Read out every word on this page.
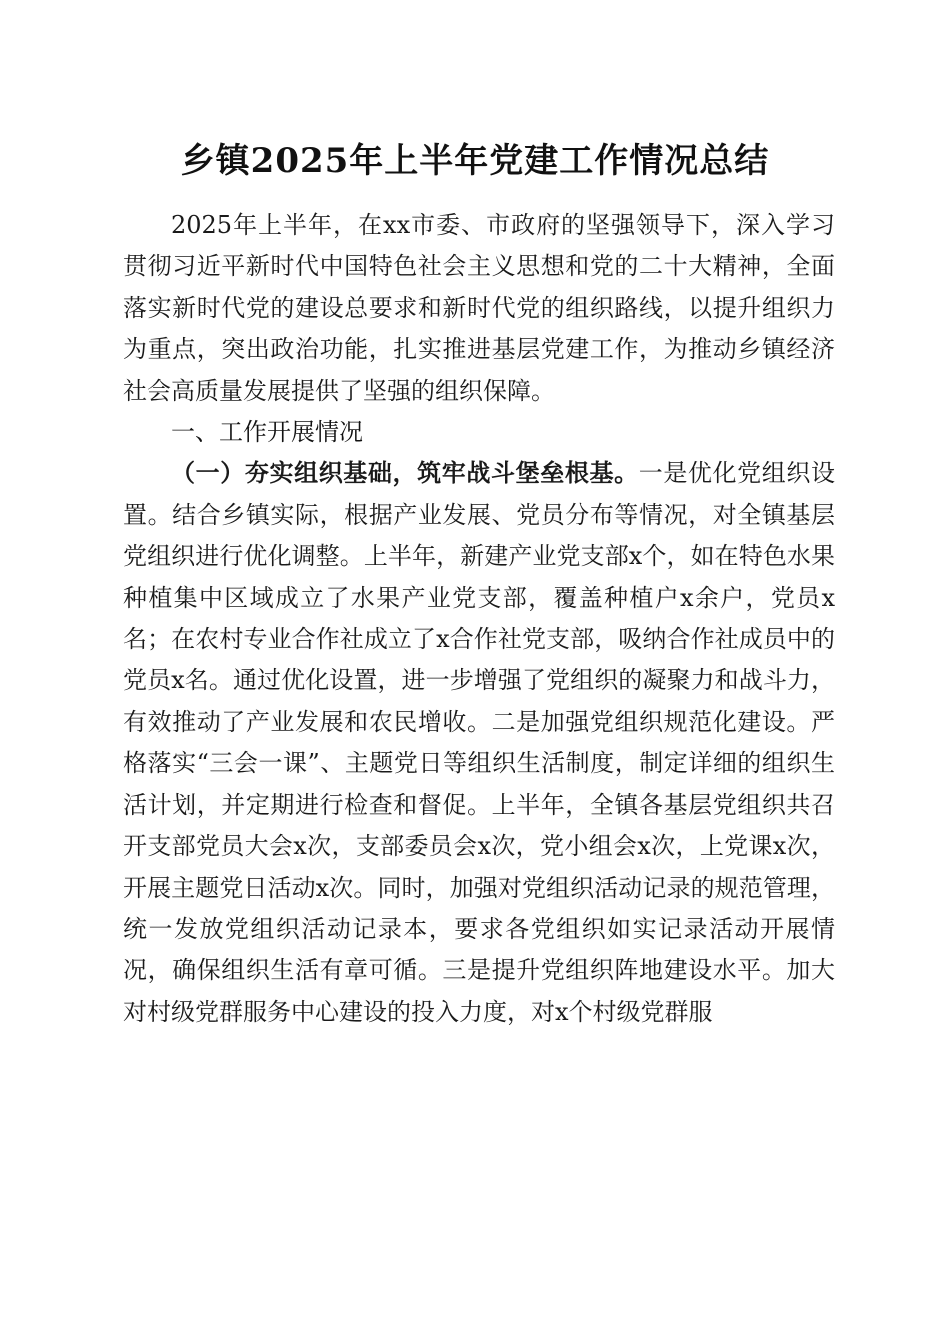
乡镇2025年上半年党建工作情况总结

2025年上半年，在xx市委、市政府的坚强领导下，深入学习贯彻习近平新时代中国特色社会主义思想和党的二十大精神，全面落实新时代党的建设总要求和新时代党的组织路线，以提升组织力为重点，突出政治功能，扎实推进基层党建工作，为推动乡镇经济社会高质量发展提供了坚强的组织保障。

一、工作开展情况

（一）夯实组织基础，筑牢战斗堡垒根基。一是优化党组织设置。结合乡镇实际，根据产业发展、党员分布等情况，对全镇基层党组织进行优化调整。上半年，新建产业党支部x个，如在特色水果种植集中区域成立了水果产业党支部，覆盖种植户x余户，党员x名；在农村专业合作社成立了x合作社党支部，吸纳合作社成员中的党员x名。通过优化设置，进一步增强了党组织的凝聚力和战斗力，有效推动了产业发展和农民增收。二是加强党组织规范化建设。严格落实“三会一课”、主题党日等组织生活制度，制定详细的组织生活计划，并定期进行检查和督促。上半年，全镇各基层党组织共召开支部党员大会x次，支部委员会x次，党小组会x次，上党课x次，开展主题党日活动x次。同时，加强对党组织活动记录的规范管理，统一发放党组织活动记录本，要求各党组织如实记录活动开展情况，确保组织生活有章可循。三是提升党组织阵地建设水平。加大对村级党群服务中心建设的投入力度，对x个村级党群服
